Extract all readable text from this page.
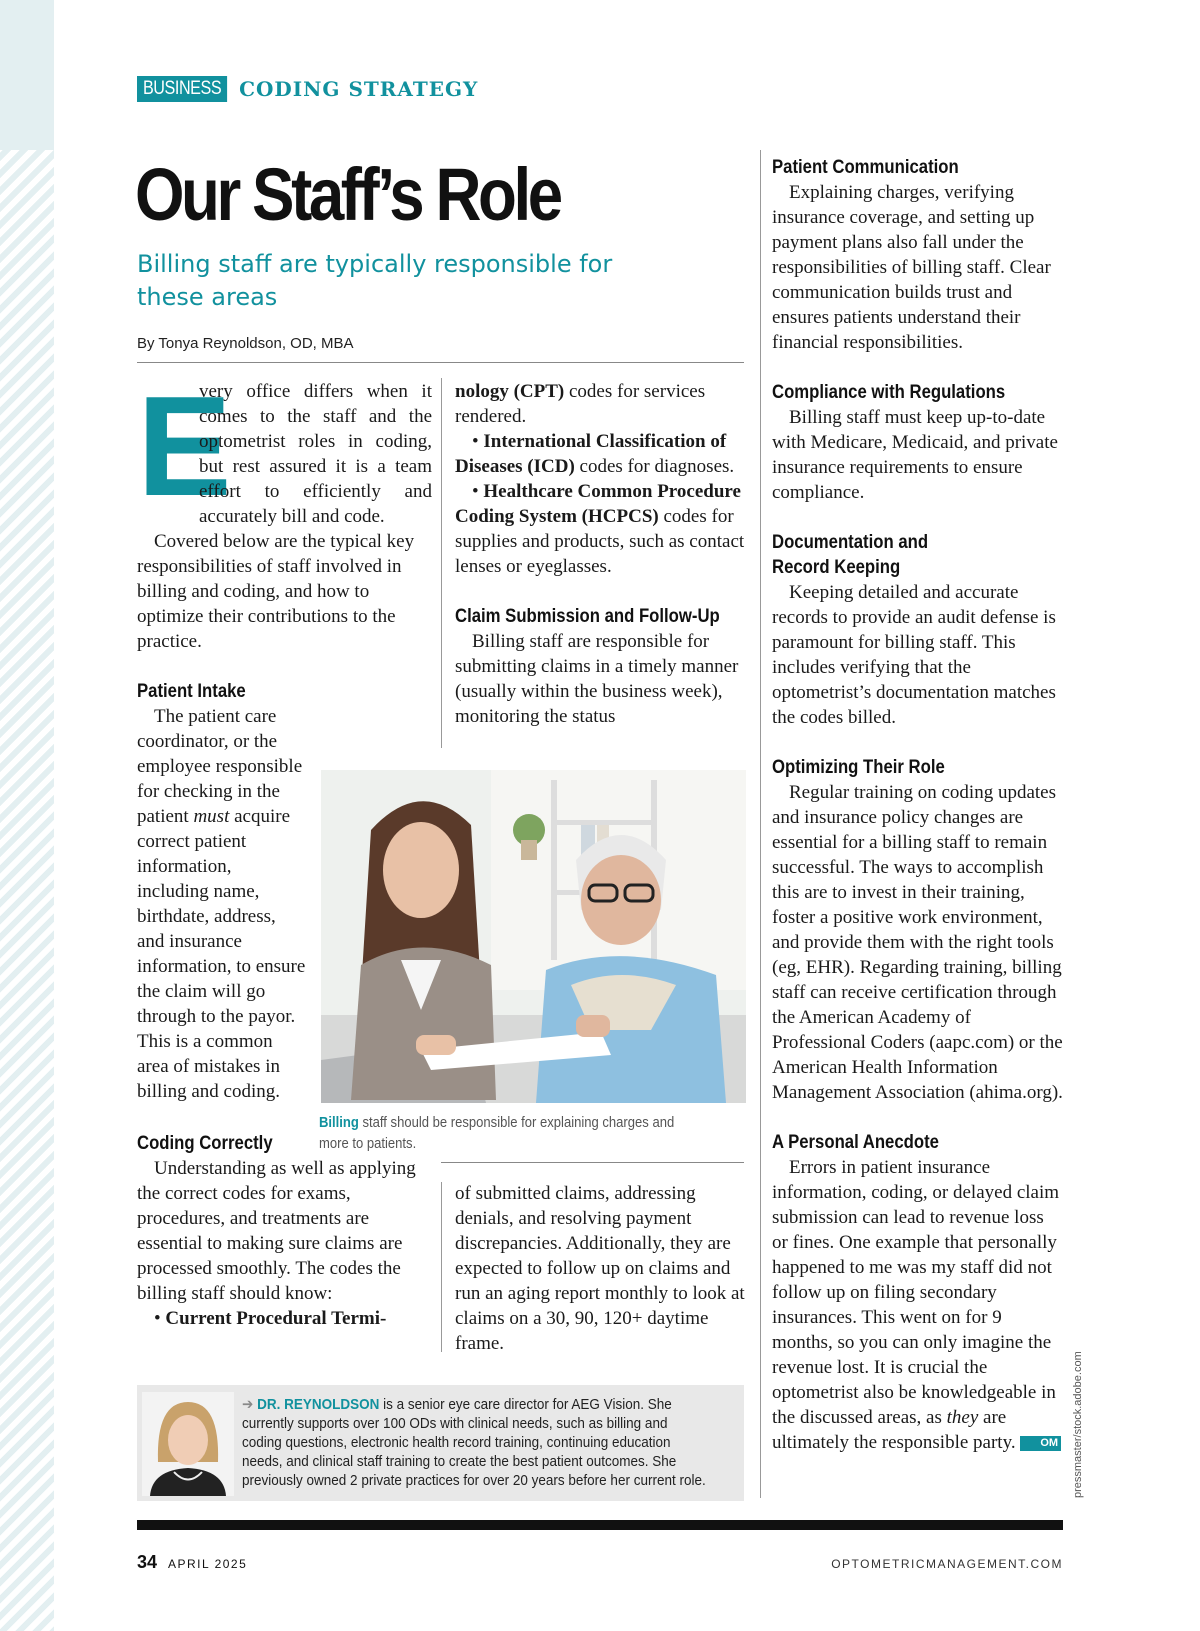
BUSINESS CODING STRATEGY
Our Staff’s Role
Billing staff are typically responsible for these areas
By Tonya Reynoldson, OD, MBA
E

very office differs when it comes to the staff and the optometrist roles in coding, but rest assured it is a team effort to efficiently and accurately bill and code.

Covered below are the typical key responsibilities of staff involved in billing and coding, and how to optimize their contributions to the practice.

Patient Intake

The patient care coordinator, or the employee responsible for checking in the patient must acquire correct patient information, including name, birthdate, address, and insurance information, to ensure the claim will go through to the payor. This is a common area of mistakes in billing and coding.

nology (CPT) codes for services rendered.

• International Classification of Diseases (ICD) codes for diagnoses.

• Healthcare Common Procedure Coding System (HCPCS) codes for supplies and products, such as contact lenses or eyeglasses.

Claim Submission and Follow-Up

Billing staff are responsible for submitting claims in a timely manner (usually within the business week), monitoring the status

Billing staff should be responsible for explaining charges and more to patients.
Coding Correctly

Understanding as well as applying the correct codes for exams, procedures, and treatments are essential to making sure claims are processed smoothly. The codes the billing staff should know:

• Current Procedural Termi-

of submitted claims, addressing denials, and resolving payment discrepancies. Additionally, they are expected to follow up on claims and run an aging report monthly to look at claims on a 30, 90, 120+ daytime frame.

Patient Communication

Explaining charges, verifying insurance coverage, and setting up payment plans also fall under the responsibilities of billing staff. Clear communication builds trust and ensures patients understand their financial responsibilities.

Compliance with Regulations

Billing staff must keep up-to-date with Medicare, Medicaid, and private insurance requirements to ensure compliance.

Documentation and
Record Keeping

Keeping detailed and accurate records to provide an audit defense is paramount for billing staff. This includes verifying that the optometrist’s documentation matches the codes billed.

Optimizing Their Role

Regular training on coding updates and insurance policy changes are essential for a billing staff to remain successful. The ways to accomplish this are to invest in their training, foster a positive work environment, and provide them with the right tools (eg, EHR). Regarding training, billing staff can receive certification through the American Academy of Professional Coders (aapc.com) or the American Health Information Management Association (ahima.org).

A Personal Anecdote

Errors in patient insurance information, coding, or delayed claim submission can lead to revenue loss or fines. One example that personally happened to me was my staff did not follow up on filing secondary insurances. This went on for 9 months, so you can only imagine the revenue lost. It is crucial the optometrist also be knowledgeable in the discussed areas, as they are ultimately the responsible party. OM	pressmaster/stock.adobe.com
➔ DR. REYNOLDSON is a senior eye care director for AEG Vision. She currently supports over 100 ODs with clinical needs, such as billing and coding questions, electronic health record training, continuing education needs, and clinical staff training to create the best patient outcomes. She previously owned 2 private practices for over 20 years before her current role.
34 APRIL 2025	OPTOMETRICMANAGEMENT.COM
